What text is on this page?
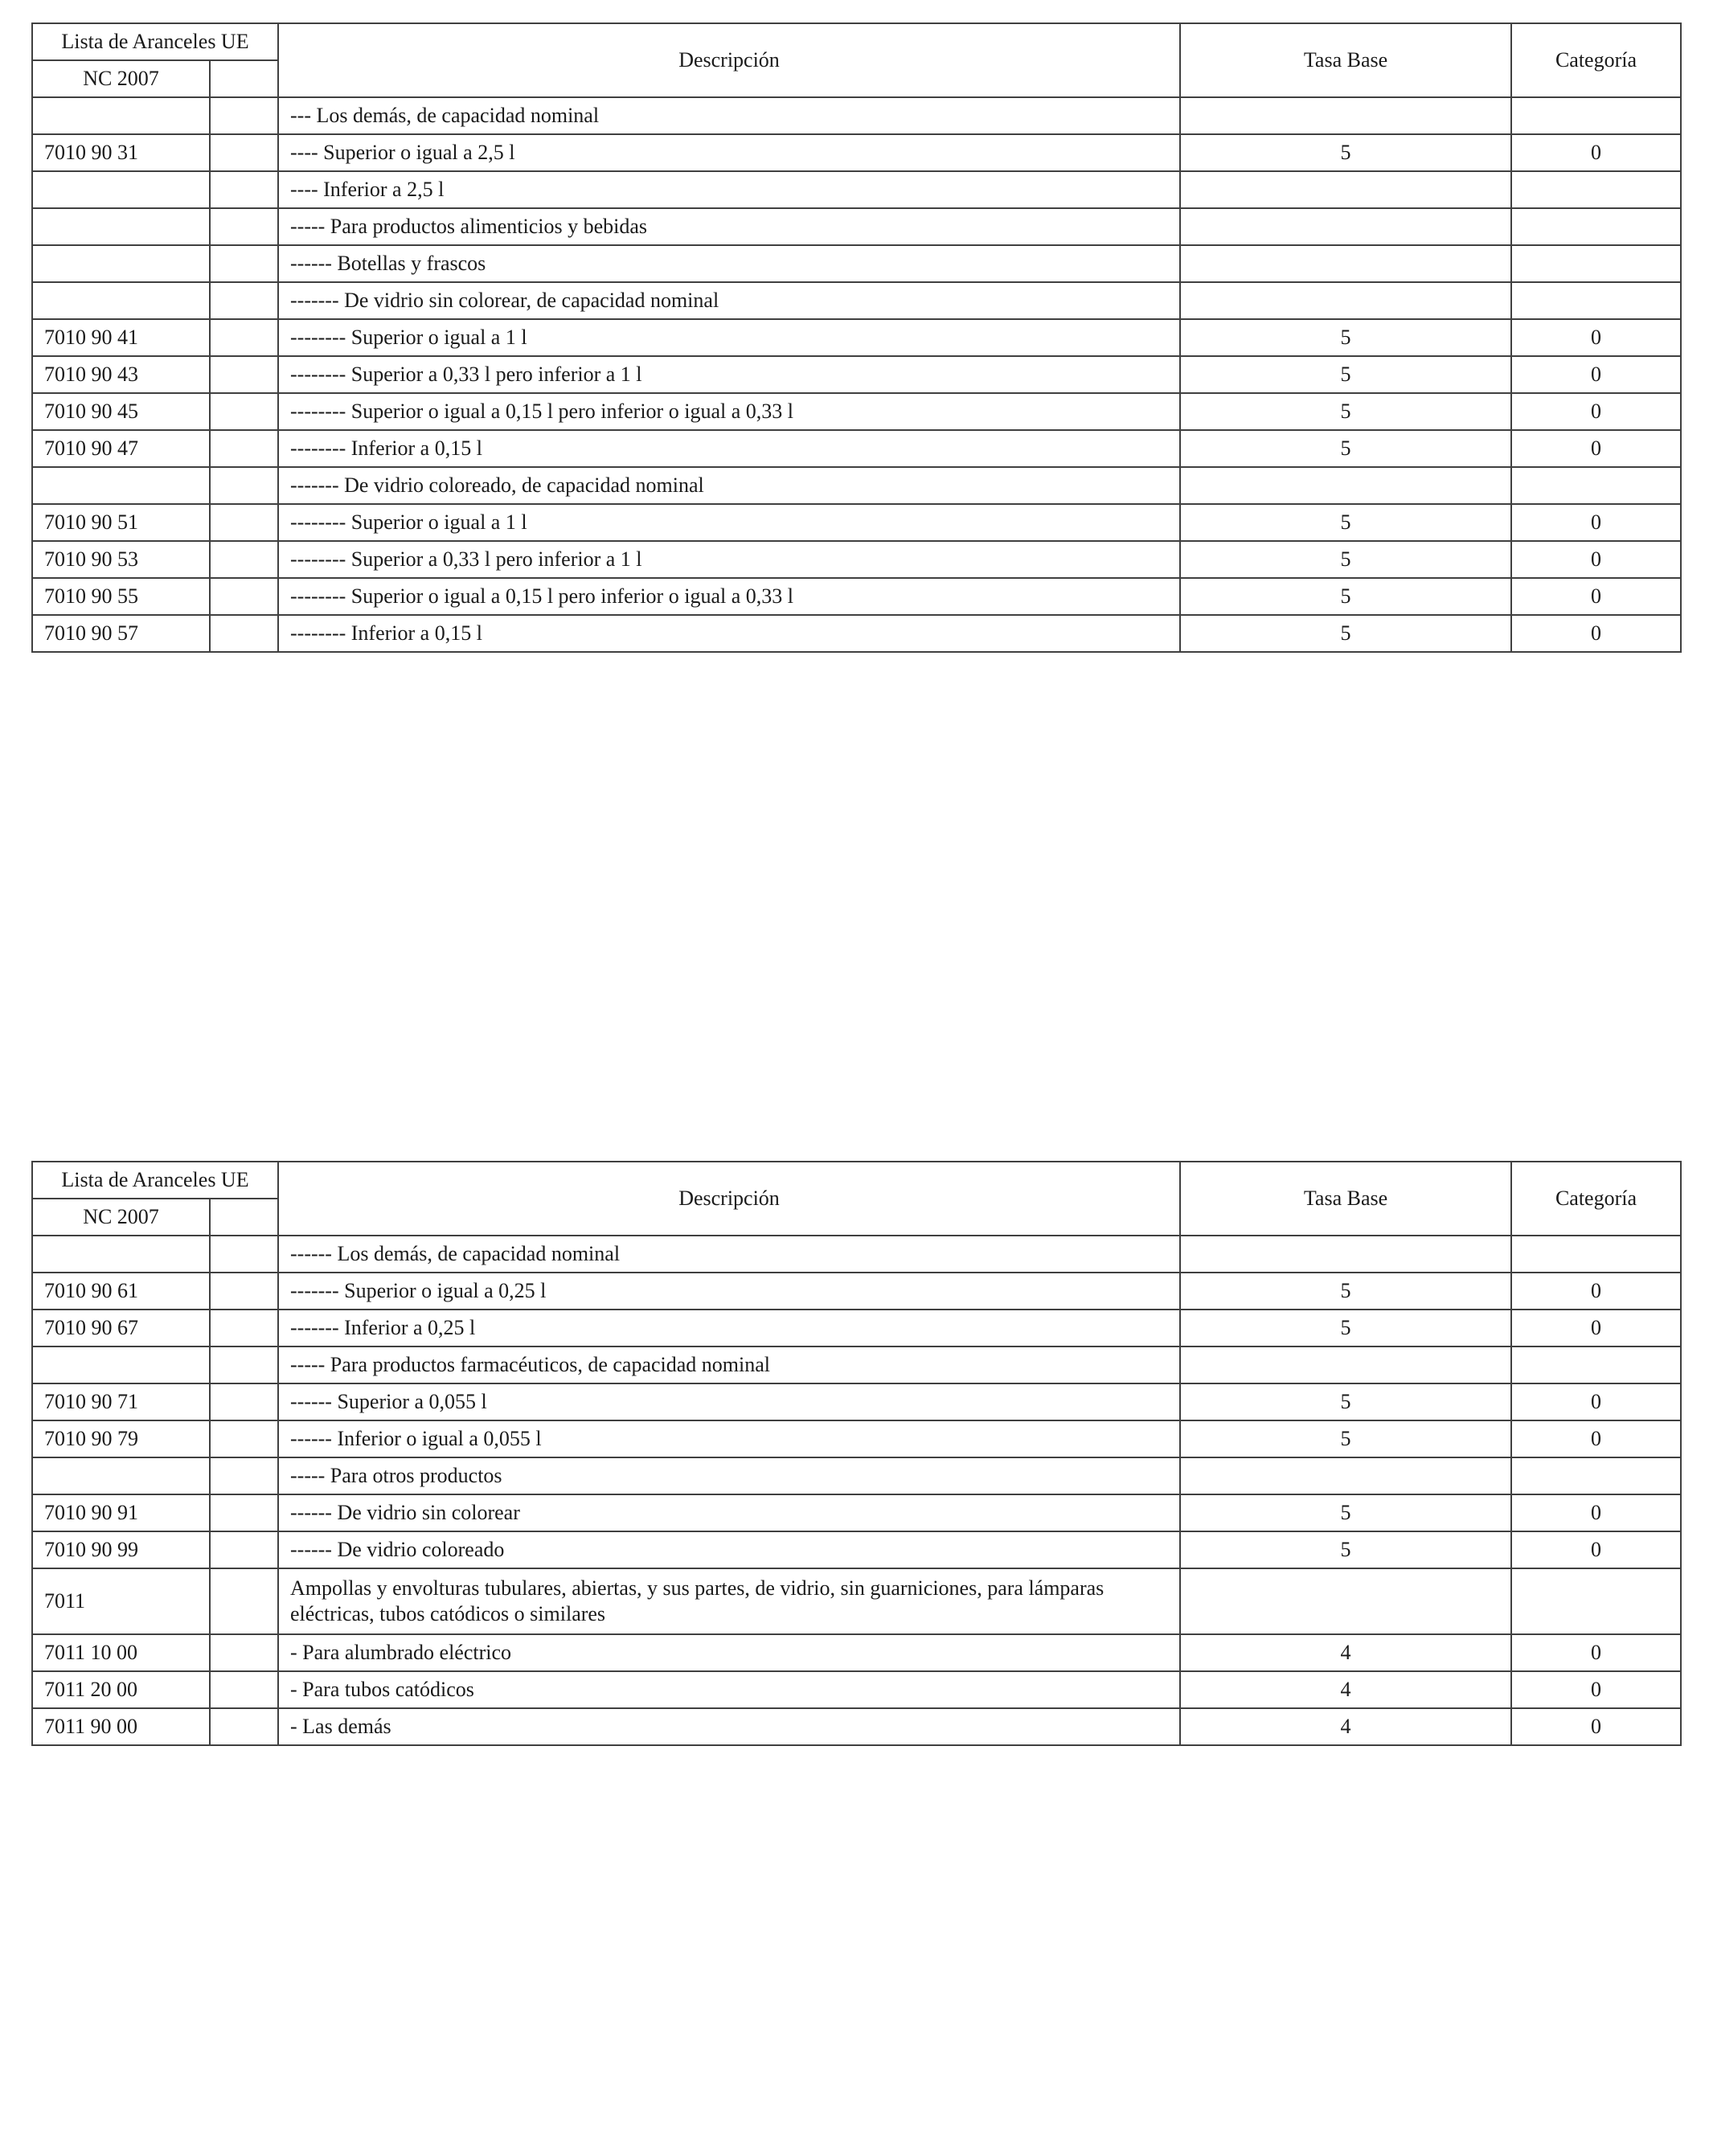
Lista de Aranceles UE		Descripción	Tasa Base	Categoría
NC 2007				
		--- Los demás, de capacidad nominal		
7010 90 31		---- Superior o igual a 2,5 l	5	0
		---- Inferior a 2,5 l		
		----- Para productos alimenticios y bebidas		
		------ Botellas y frascos		
		------- De vidrio sin colorear, de capacidad nominal		
7010 90 41		-------- Superior o igual a 1 l	5	0
7010 90 43		-------- Superior a 0,33 l pero inferior a 1 l	5	0
7010 90 45		-------- Superior o igual a 0,15 l pero inferior o igual a 0,33 l	5	0
7010 90 47		-------- Inferior a 0,15 l	5	0
		------- De vidrio coloreado, de capacidad nominal		
7010 90 51		-------- Superior o igual a 1 l	5	0
7010 90 53		-------- Superior a 0,33 l pero inferior a 1 l	5	0
7010 90 55		-------- Superior o igual a 0,15 l pero inferior o igual a 0,33 l	5	0
7010 90 57		-------- Inferior a 0,15 l	5	0
Lista de Aranceles UE		Descripción	Tasa Base	Categoría
NC 2007				
		------ Los demás, de capacidad nominal		
7010 90 61		------- Superior o igual a 0,25 l	5	0
7010 90 67		------- Inferior a 0,25 l	5	0
		----- Para productos farmacéuticos, de capacidad nominal		
7010 90 71		------ Superior a 0,055 l	5	0
7010 90 79		------ Inferior o igual a 0,055 l	5	0
		----- Para otros productos		
7010 90 91		------ De vidrio sin colorear	5	0
7010 90 99		------ De vidrio coloreado	5	0
7011		Ampollas y envolturas tubulares, abiertas, y sus partes, de vidrio, sin guarniciones, para lámparas eléctricas, tubos catódicos o similares		
7011 10 00		- Para alumbrado eléctrico	4	0
7011 20 00		- Para tubos catódicos	4	0
7011 90 00		- Las demás	4	0
